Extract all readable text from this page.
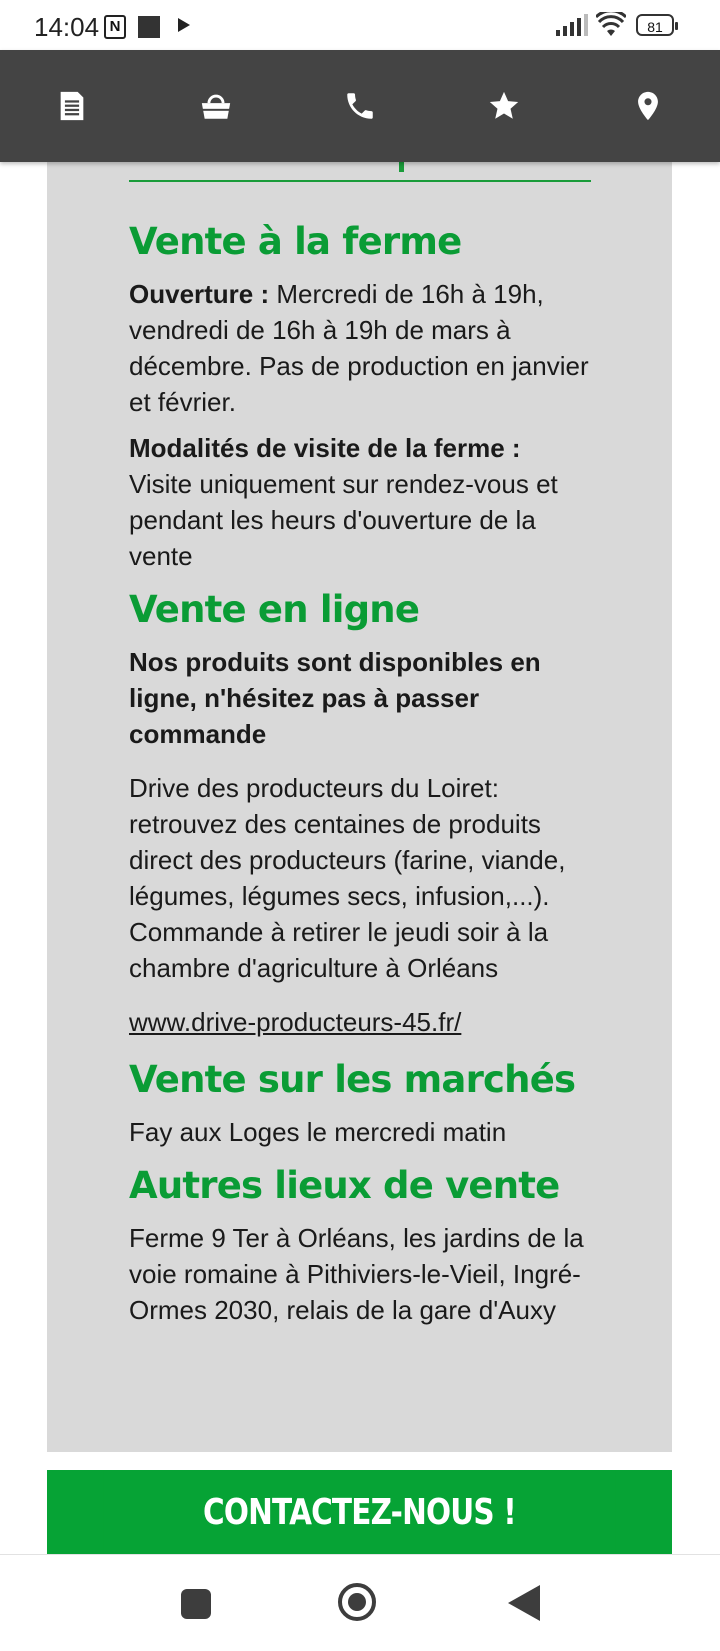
14:04 N	81
Vente à la ferme

Ouverture : Mercredi de 16h à 19h, vendredi de 16h à 19h de mars à décembre. Pas de production en janvier et février.

Modalités de visite de la ferme :
Visite uniquement sur rendez-vous et pendant les heurs d'ouverture de la vente

Vente en ligne

Nos produits sont disponibles en ligne, n'hésitez pas à passer commande

Drive des producteurs du Loiret: retrouvez des centaines de produits direct des producteurs (farine, viande, légumes, légumes secs, infusion,...). Commande à retirer le jeudi soir à la chambre d'agriculture à Orléans

www.drive-producteurs-45.fr/

Vente sur les marchés

Fay aux Loges le mercredi matin

Autres lieux de vente

Ferme 9 Ter à Orléans, les jardins de la voie romaine à Pithiviers-le-Vieil, Ingré-Ormes 2030, relais de la gare d'Auxy

CONTACTEZ-NOUS !
